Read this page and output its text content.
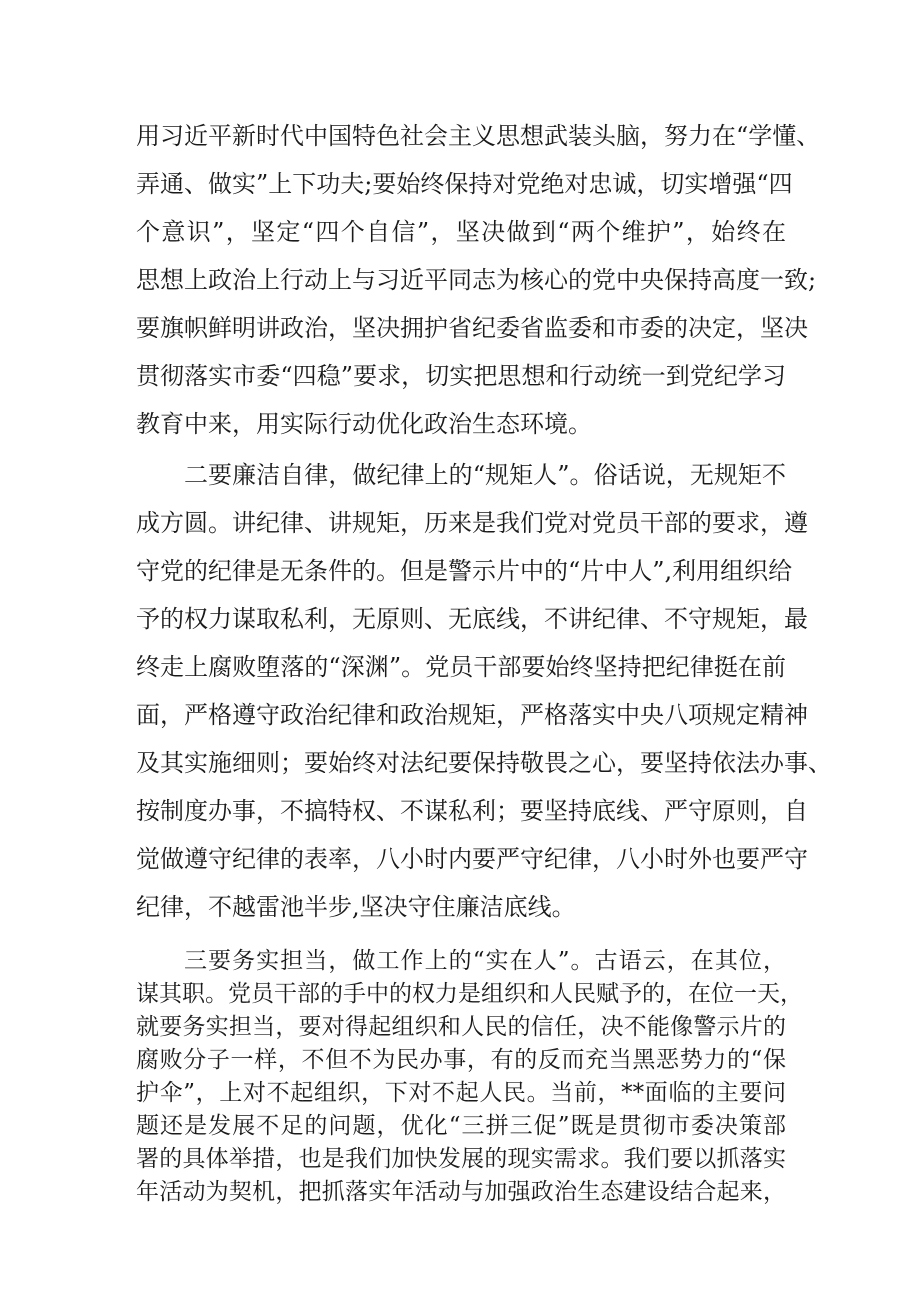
用习近平新时代中国特色社会主义思想武装头脑，努力在“学懂、
弄通、做实”上下功夫;要始终保持对党绝对忠诚，切实增强“四
个意识”，坚定“四个自信”，坚决做到“两个维护”，始终在
思想上政治上行动上与习近平同志为核心的党中央保持高度一致;
要旗帜鲜明讲政治，坚决拥护省纪委省监委和市委的决定，坚决
贯彻落实市委“四稳”要求，切实把思想和行动统一到党纪学习
教育中来，用实际行动优化政治生态环境。
二要廉洁自律，做纪律上的“规矩人”。俗话说，无规矩不
成方圆。讲纪律、讲规矩，历来是我们党对党员干部的要求，遵
守党的纪律是无条件的。但是警示片中的“片中人”,利用组织给
予的权力谋取私利，无原则、无底线，不讲纪律、不守规矩，最
终走上腐败堕落的“深渊”。党员干部要始终坚持把纪律挺在前
面，严格遵守政治纪律和政治规矩，严格落实中央八项规定精神
及其实施细则；要始终对法纪要保持敬畏之心，要坚持依法办事、
按制度办事，不搞特权、不谋私利；要坚持底线、严守原则，自
觉做遵守纪律的表率，八小时内要严守纪律，八小时外也要严守
纪律，不越雷池半步,坚决守住廉洁底线。
三要务实担当，做工作上的“实在人”。古语云，在其位，
谋其职。党员干部的手中的权力是组织和人民赋予的，在位一天，
就要务实担当，要对得起组织和人民的信任，决不能像警示片的
腐败分子一样，不但不为民办事，有的反而充当黑恶势力的“保
护伞”，上对不起组织，下对不起人民。当前，**面临的主要问
题还是发展不足的问题，优化“三拼三促”既是贯彻市委决策部
署的具体举措，也是我们加快发展的现实需求。我们要以抓落实
年活动为契机，把抓落实年活动与加强政治生态建设结合起来，
